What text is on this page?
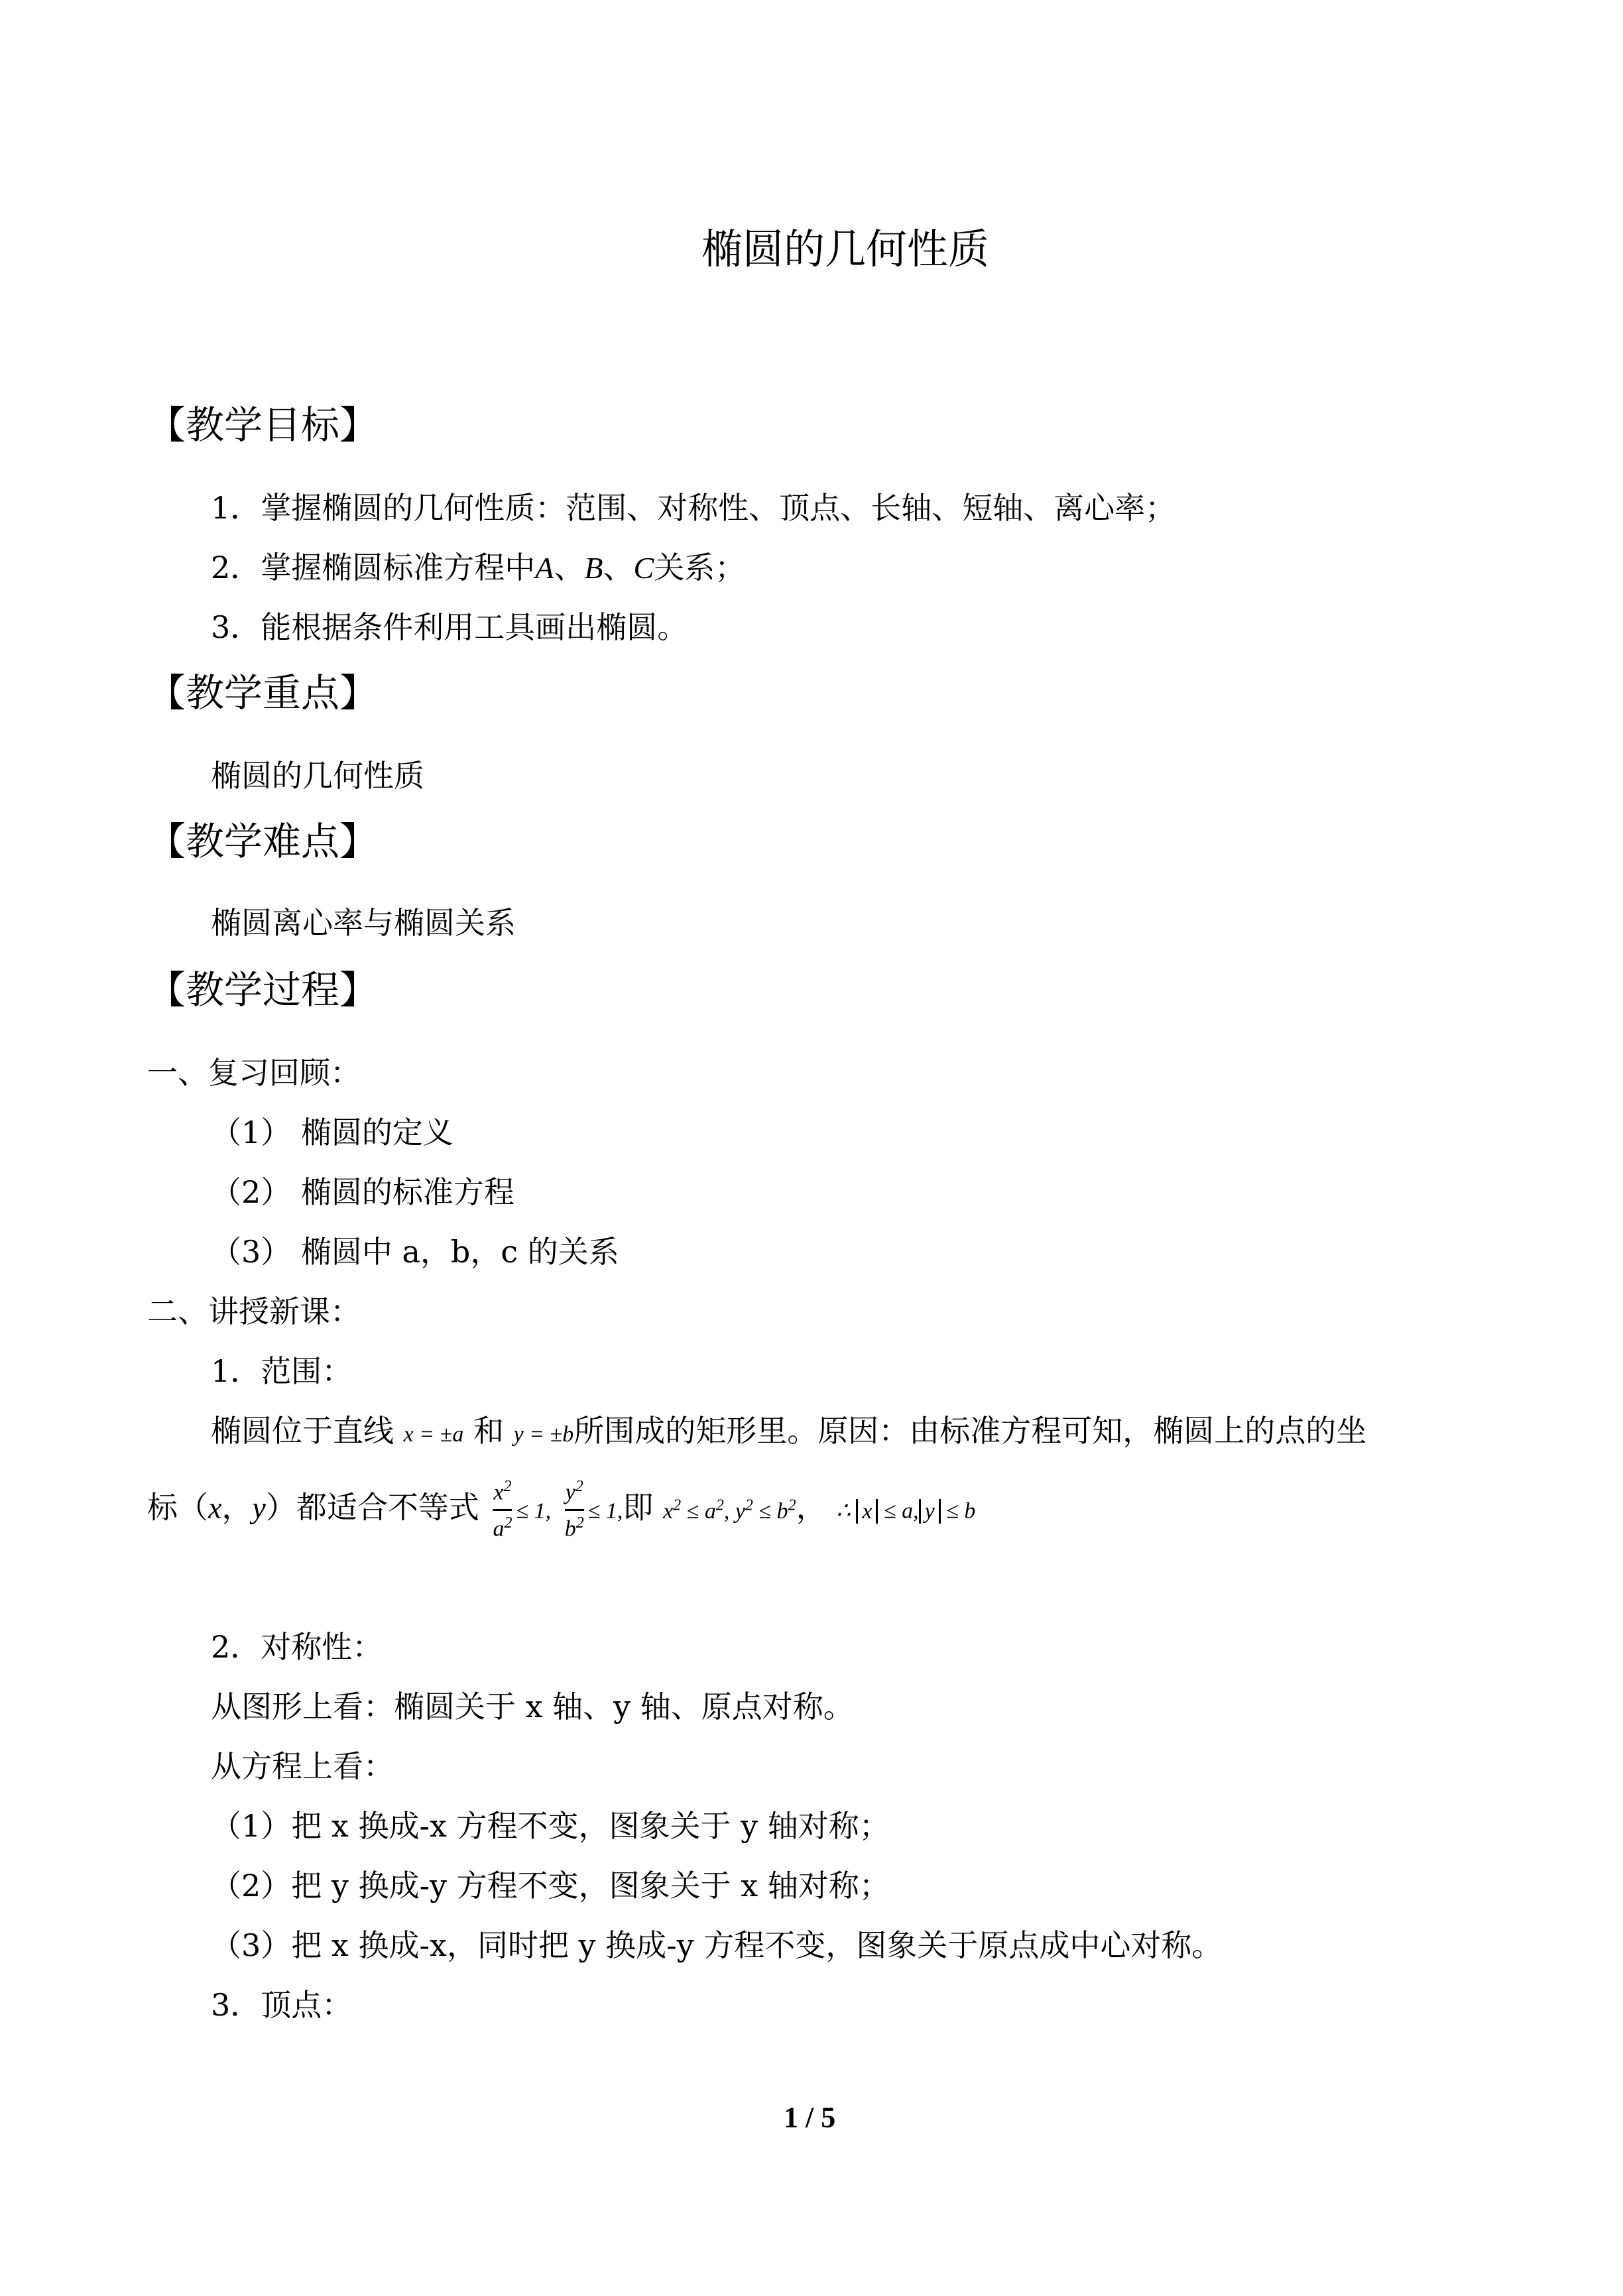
椭圆的几何性质
【教学目标】
1．掌握椭圆的几何性质：范围、对称性、顶点、长轴、短轴、离心率；
2．掌握椭圆标准方程中A、B、C关系；
3．能根据条件利用工具画出椭圆。
【教学重点】
椭圆的几何性质
【教学难点】
椭圆离心率与椭圆关系
【教学过程】
一、复习回顾：
（1） 椭圆的定义
（2） 椭圆的标准方程
（3） 椭圆中 a，b，c 的关系
二、讲授新课：
1．范围：
椭圆位于直线 x = ±a 和 y = ±b所围成的矩形里。原因：由标准方程可知，椭圆上的点的坐
标（x，y）都适合不等式 $\frac{x^2}{a^2} \le 1$, $\frac{y^2}{b^2} \le 1$,即 $x^2 \le a^2$, $y^2 \le b^2$， ∴ x ≤ a, y ≤ b
2．对称性：
从图形上看：椭圆关于 x 轴、y 轴、原点对称。
从方程上看：
（1）把 x 换成-x 方程不变，图象关于 y 轴对称；
（2）把 y 换成-y 方程不变，图象关于 x 轴对称；
（3）把 x 换成-x，同时把 y 换成-y 方程不变，图象关于原点成中心对称。
3．顶点：
1 / 5
